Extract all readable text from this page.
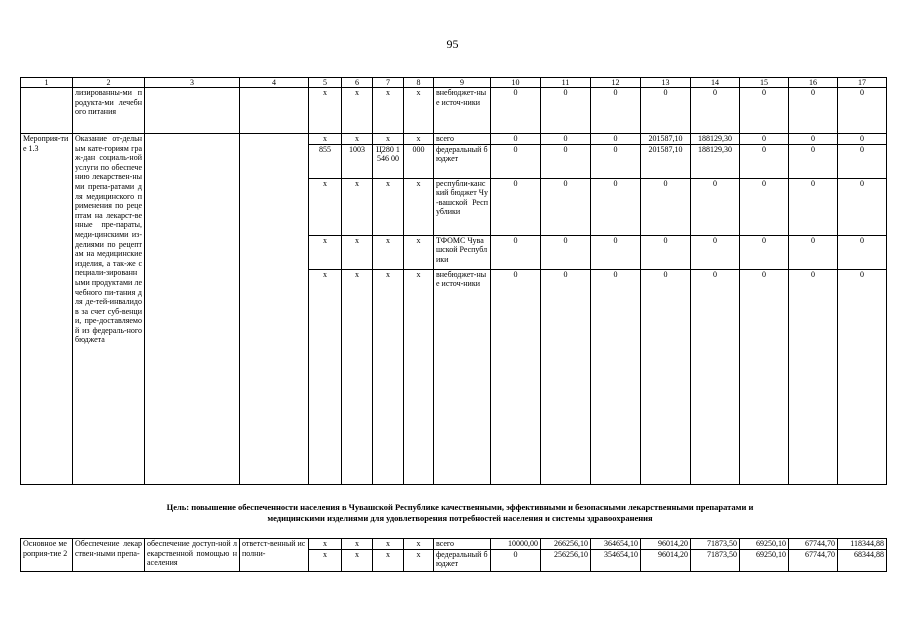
95
1	2	3	4	5	6	7	8	9	10	11	12	13	14	15	16	17
	лизированны-ми продукта-ми лечебного питания			x	x	x	x	внебюджет-ные источ-ники	0	0	0	0	0	0	0	0
Мероприя-тие 1.3	Оказание от-дельным кате-гориям граж-дан социаль-ной услуги по обеспечению лекарствен-ными препа-ратами для медицинского применения по рецептам на лекарст-венные пре-параты, меди-цинскими из-делиями по рецептам на медицинские изделия, а так-же специали-зированными продуктами лечебного пи-тания для де-тей-инвалидов за счет суб-венции, пре-доставляемой из федераль-ного бюджета			x	x	x	x	всего	0	0	0	201587,10	188129,30	0	0	0
				855	1003	Ц280 1546 00	000	федеральный бюджет	0	0	0	201587,10	188129,30	0	0	0
				x	x	x	x	республи-канский бюджет Чу-вашской Республики	0	0	0	0	0	0	0	0
				x	x	x	x	ТФОМС Чувашской Республики	0	0	0	0	0	0	0	0
				x	x	x	x	внебюджет-ные источ-ники	0	0	0	0	0	0	0	0
Цель: повышение обеспеченности населения в Чувашской Республике качественными, эффективными и безопасными лекарственными препаратами и медицинскими изделиями для удовлетворения потребностей населения и системы здравоохранения
Основное мероприя-тие 2	Обеспечение лекарствен-ными препа-	обеспечение доступ-ной лекарственной помощью населения	ответст-венный исполни-	x	x	x	x	всего	10000,00	266256,10	364654,10	96014,20	71873,50	69250,10	67744,70	118344,88
				x	x	x	x	федеральный бюджет	0	256256,10	354654,10	96014,20	71873,50	69250,10	67744,70	68344,88
